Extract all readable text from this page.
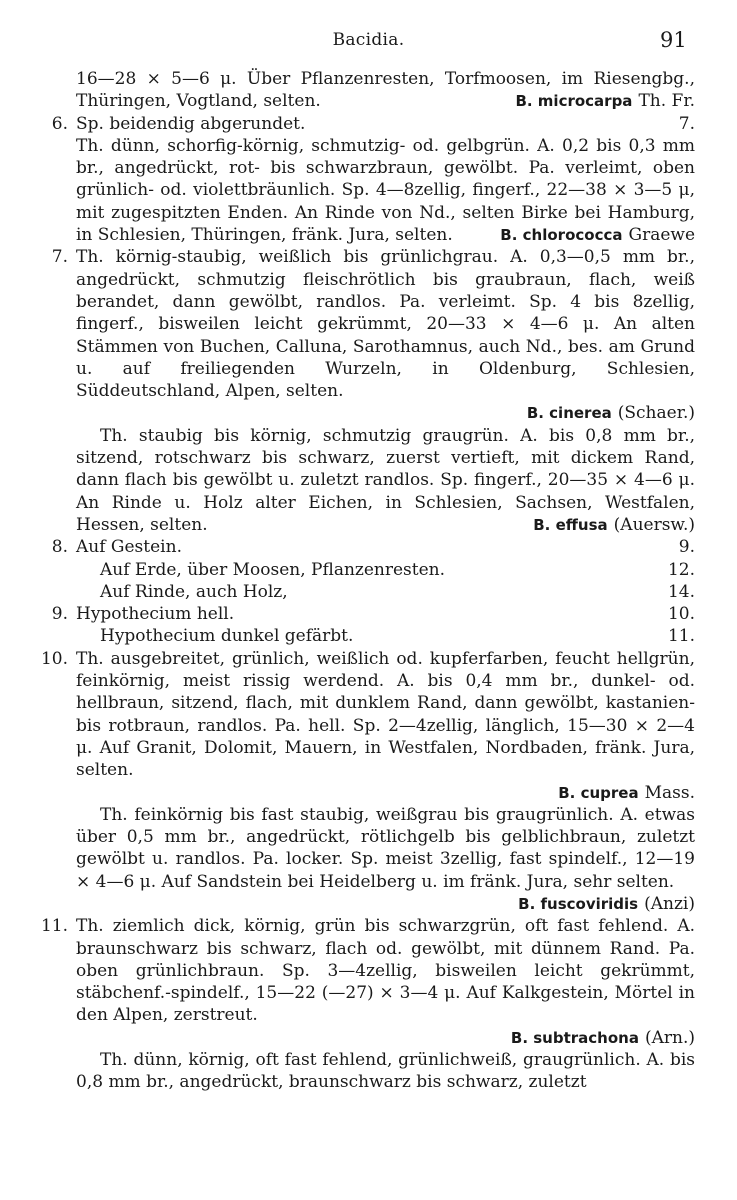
Bacidia.	91
16—28 × 5—6 μ. Über Pflanzenresten, Torfmoosen, im Riesengbg., Thüringen, Vogtland, selten.	B. microcarpa Th. Fr.
6. Sp. beidendig abgerundet.	7.
Th. dünn, schorfig-körnig, schmutzig- od. gelbgrün. A. 0,2 bis 0,3 mm br., angedrückt, rot- bis schwarzbraun, gewölbt. Pa. verleimt, oben grünlich- od. violettbräunlich. Sp. 4—8zellig, fingerf., 22—38 × 3—5 μ, mit zugespitzten Enden. An Rinde von Nd., selten Birke bei Hamburg, in Schlesien, Thüringen, fränk. Jura, selten.	B. chlorococca Graewe
7. Th. körnig-staubig, weißlich bis grünlichgrau. A. 0,3—0,5 mm br., angedrückt, schmutzig fleischrötlich bis graubraun, flach, weiß berandet, dann gewölbt, randlos. Pa. verleimt. Sp. 4 bis 8zellig, fingerf., bisweilen leicht gekrümmt, 20—33 × 4—6 μ. An alten Stämmen von Buchen, Calluna, Sarothamnus, auch Nd., bes. am Grund u. auf freiliegenden Wurzeln, in Oldenburg, Schlesien, Süddeutschland, Alpen, selten.
B. cinerea (Schaer.)
Th. staubig bis körnig, schmutzig graugrün. A. bis 0,8 mm br., sitzend, rotschwarz bis schwarz, zuerst vertieft, mit dickem Rand, dann flach bis gewölbt u. zuletzt randlos. Sp. fingerf., 20—35 × 4—6 μ. An Rinde u. Holz alter Eichen, in Schlesien, Sachsen, Westfalen, Hessen, selten.	B. effusa (Auersw.)
8. Auf Gestein.	9.
Auf Erde, über Moosen, Pflanzenresten.	12.
Auf Rinde, auch Holz,	14.
9. Hypothecium hell.	10.
Hypothecium dunkel gefärbt.	11.
10. Th. ausgebreitet, grünlich, weißlich od. kupferfarben, feucht hellgrün, feinkörnig, meist rissig werdend. A. bis 0,4 mm br., dunkel- od. hellbraun, sitzend, flach, mit dunklem Rand, dann gewölbt, kastanien- bis rotbraun, randlos. Pa. hell. Sp. 2—4zellig, länglich, 15—30 × 2—4 μ. Auf Granit, Dolomit, Mauern, in Westfalen, Nordbaden, fränk. Jura, selten.
B. cuprea Mass.
Th. feinkörnig bis fast staubig, weißgrau bis graugrünlich. A. etwas über 0,5 mm br., angedrückt, rötlichgelb bis gelblichbraun, zuletzt gewölbt u. randlos. Pa. locker. Sp. meist 3zellig, fast spindelf., 12—19 × 4—6 μ. Auf Sandstein bei Heidelberg u. im fränk. Jura, sehr selten.
B. fuscoviridis (Anzi)
11. Th. ziemlich dick, körnig, grün bis schwarzgrün, oft fast fehlend. A. braunschwarz bis schwarz, flach od. gewölbt, mit dünnem Rand. Pa. oben grünlichbraun. Sp. 3—4zellig, bisweilen leicht gekrümmt, stäbchenf.-spindelf., 15—22 (—27) × 3—4 μ. Auf Kalkgestein, Mörtel in den Alpen, zerstreut.
B. subtrachona (Arn.)
Th. dünn, körnig, oft fast fehlend, grünlichweiß, graugrünlich. A. bis 0,8 mm br., angedrückt, braunschwarz bis schwarz, zuletzt
